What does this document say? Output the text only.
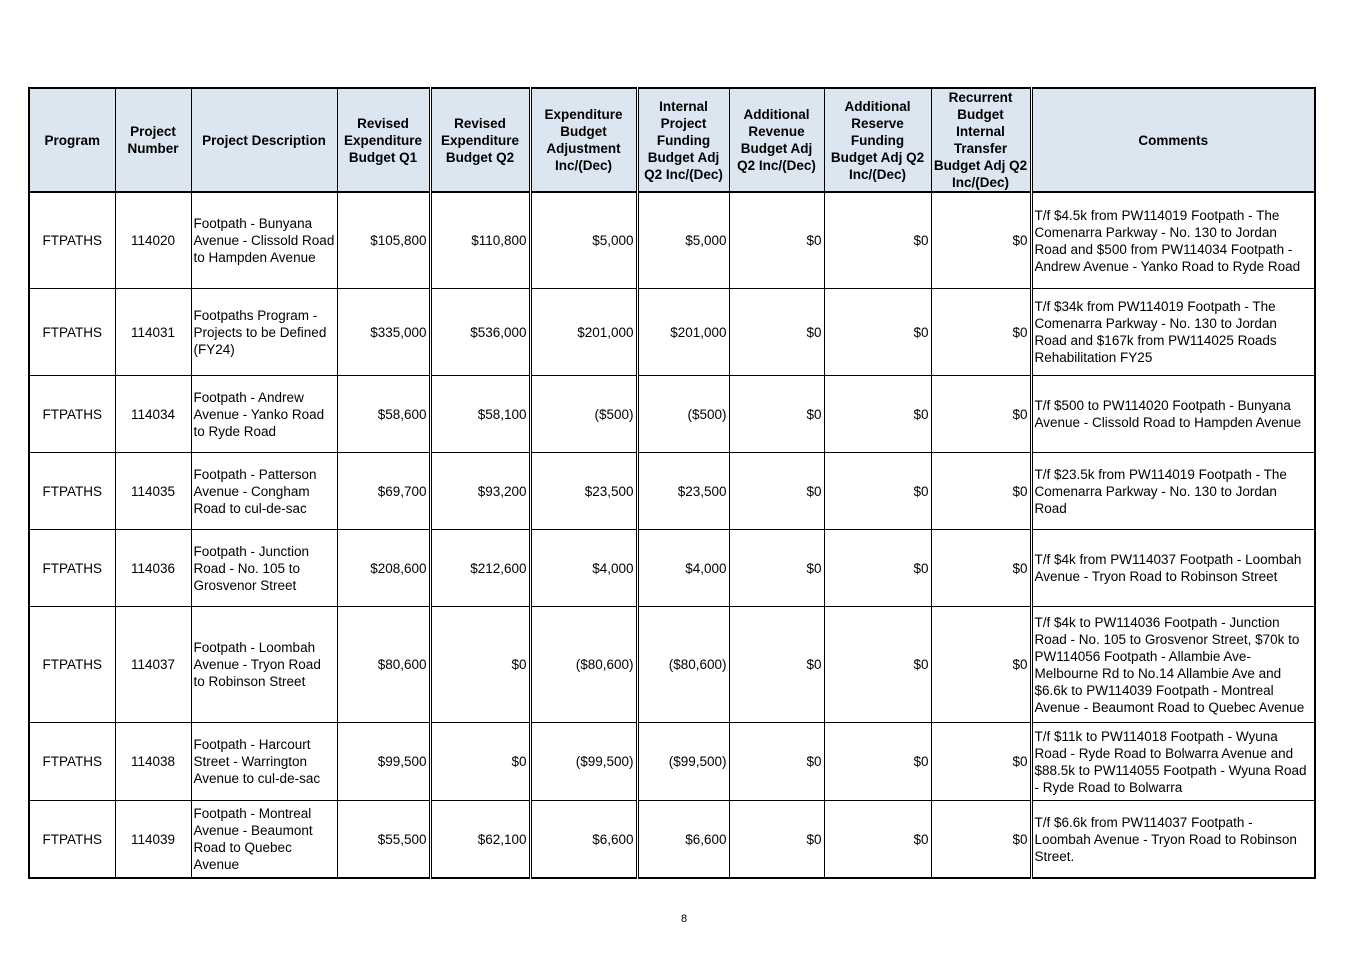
Program	Project Number	Project Description	Revised Expenditure Budget Q1	Revised Expenditure Budget Q2	Expenditure Budget Adjustment Inc/(Dec)	Internal Project Funding Budget Adj Q2 Inc/(Dec)	Additional Revenue Budget Adj Q2 Inc/(Dec)	Additional Reserve Funding Budget Adj Q2 Inc/(Dec)	Recurrent Budget Internal Transfer Budget Adj Q2 Inc/(Dec)	Comments
FTPATHS	114020	Footpath - Bunyana Avenue - Clissold Road to Hampden Avenue	$105,800	$110,800	$5,000	$5,000	$0	$0	$0	T/f $4.5k from PW114019 Footpath - The Comenarra Parkway - No. 130 to Jordan Road and $500 from PW114034 Footpath - Andrew Avenue - Yanko Road to Ryde Road
FTPATHS	114031	Footpaths Program - Projects to be Defined (FY24)	$335,000	$536,000	$201,000	$201,000	$0	$0	$0	T/f $34k from PW114019 Footpath - The Comenarra Parkway - No. 130 to Jordan Road and $167k from PW114025 Roads Rehabilitation FY25
FTPATHS	114034	Footpath - Andrew Avenue - Yanko Road to Ryde Road	$58,600	$58,100	($500)	($500)	$0	$0	$0	T/f $500 to PW114020 Footpath - Bunyana Avenue - Clissold Road to Hampden Avenue
FTPATHS	114035	Footpath - Patterson Avenue - Congham Road to cul-de-sac	$69,700	$93,200	$23,500	$23,500	$0	$0	$0	T/f $23.5k from PW114019 Footpath - The Comenarra Parkway - No. 130 to Jordan Road
FTPATHS	114036	Footpath - Junction Road - No. 105 to Grosvenor Street	$208,600	$212,600	$4,000	$4,000	$0	$0	$0	T/f $4k from PW114037 Footpath - Loombah Avenue - Tryon Road to Robinson Street
FTPATHS	114037	Footpath - Loombah Avenue - Tryon Road to Robinson Street	$80,600	$0	($80,600)	($80,600)	$0	$0	$0	T/f $4k to PW114036 Footpath - Junction Road - No. 105 to Grosvenor Street, $70k to PW114056 Footpath - Allambie Ave-Melbourne Rd to No.14 Allambie Ave and $6.6k to PW114039 Footpath - Montreal Avenue - Beaumont Road to Quebec Avenue
FTPATHS	114038	Footpath - Harcourt Street - Warrington Avenue to cul-de-sac	$99,500	$0	($99,500)	($99,500)	$0	$0	$0	T/f $11k to PW114018 Footpath - Wyuna Road - Ryde Road to Bolwarra Avenue and $88.5k to PW114055 Footpath - Wyuna Road - Ryde Road to Bolwarra
FTPATHS	114039	Footpath - Montreal Avenue - Beaumont Road to Quebec Avenue	$55,500	$62,100	$6,600	$6,600	$0	$0	$0	T/f $6.6k from PW114037 Footpath - Loombah Avenue - Tryon Road to Robinson Street.
8
